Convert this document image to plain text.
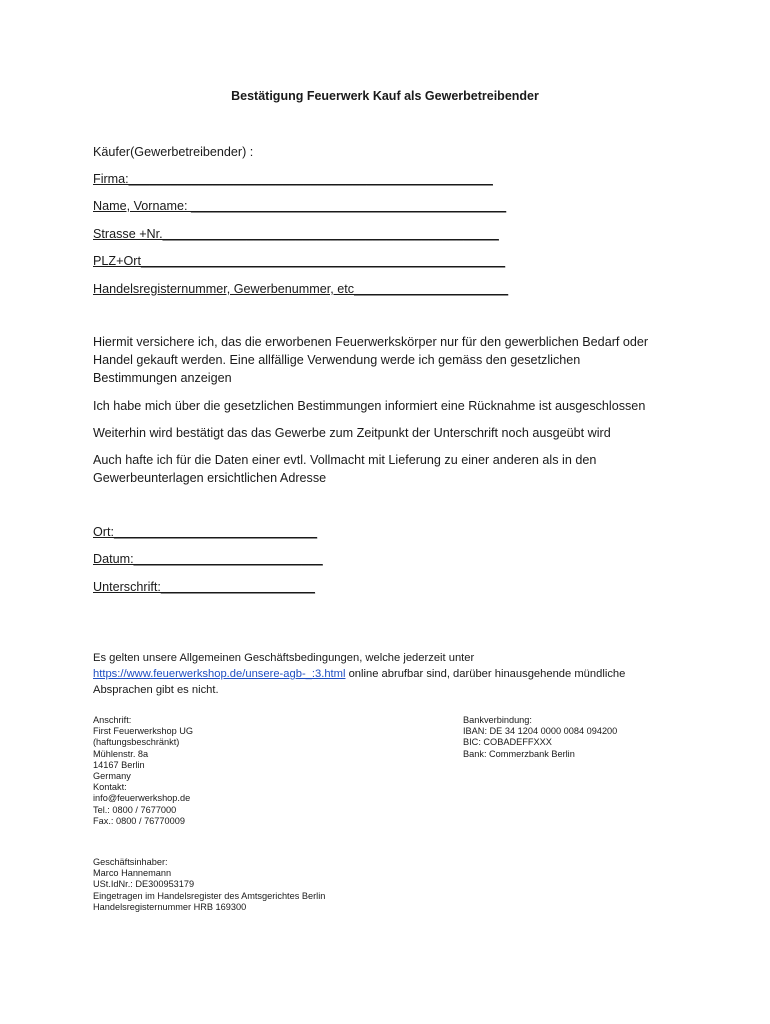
Bestätigung Feuerwerk Kauf als Gewerbetreibender
Käufer(Gewerbetreibender) :
Firma:____________________________________________________
Name, Vorname: _____________________________________________
Strasse +Nr.________________________________________________
PLZ+Ort____________________________________________________
Handelsregisternummer, Gewerbenummer, etc______________________
Hiermit versichere ich, das die erworbenen Feuerwerkskörper nur für den gewerblichen Bedarf oder
Handel gekauft werden. Eine allfällige Verwendung werde ich gemäss den gesetzlichen
Bestimmungen anzeigen
Ich habe mich über die gesetzlichen Bestimmungen informiert eine Rücknahme ist ausgeschlossen
Weiterhin wird bestätigt das das Gewerbe zum Zeitpunkt der Unterschrift noch ausgeübt wird
Auch hafte ich für die Daten einer evtl. Vollmacht mit Lieferung zu einer anderen als in den
Gewerbeunterlagen ersichtlichen Adresse
Ort:_____________________________
Datum:___________________________
Unterschrift:______________________
Es gelten unsere Allgemeinen Geschäftsbedingungen, welche jederzeit unter
https://www.feuerwerkshop.de/unsere-agb-_:3.html online abrufbar sind, darüber hinausgehende mündliche
Absprachen gibt es nicht.
Anschrift:
First Feuerwerkshop UG
(haftungsbeschränkt)
Mühlenstr. 8a
14167 Berlin
Germany
Kontakt:
info@feuerwerkshop.de
Tel.: 0800 / 7677000
Fax.: 0800 / 76770009
Bankverbindung:
IBAN: DE 34 1204 0000 0084 094200
BIC: COBADEFFXXX
Bank: Commerzbank Berlin
Geschäftsinhaber:
Marco Hannemann
USt.IdNr.: DE300953179
Eingetragen im Handelsregister des Amtsgerichtes Berlin
Handelsregisternummer HRB 169300
